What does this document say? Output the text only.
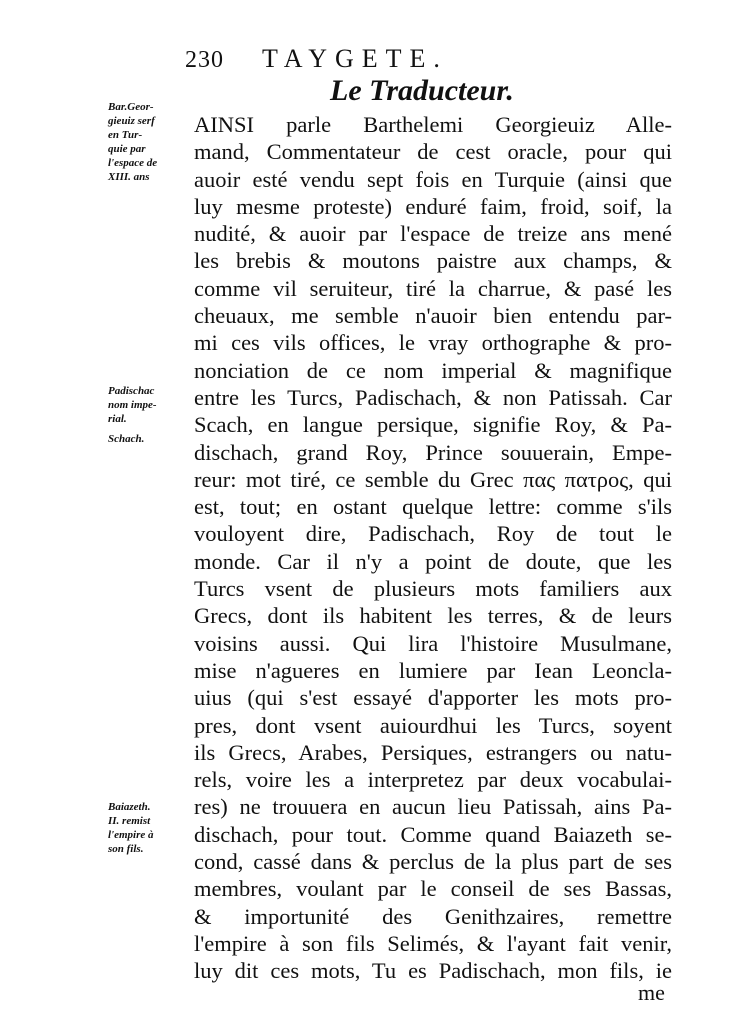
230 TAYGETE.
Le Traducteur.
Bar.Geor-
gieuiz serf
en Tur-
quie par
l'espace de
XIII. ans
Padischac
nom impe-
rial.
Schach.
Baiazeth.
II. remist
l'empire à
son fils.
AINSI parle Barthelemi Georgieuiz Alle-
mand, Commentateur de cest oracle, pour qui
auoir esté vendu sept fois en Turquie (ainsi que
luy mesme proteste) enduré faim, froid, soif, la
nudité, & auoir par l'espace de treize ans mené
les brebis & moutons paistre aux champs, &
comme vil seruiteur, tiré la charrue, & pasé les
cheuaux, me semble n'auoir bien entendu par-
mi ces vils offices, le vray orthographe & pro-
nonciation de ce nom imperial & magnifique
entre les Turcs, Padischach, & non Patissah. Car
Scach, en langue persique, signifie Roy, & Pa-
dischach, grand Roy, Prince souuerain, Empe-
reur: mot tiré, ce semble du Grec πας πατρος, qui
est, tout; en ostant quelque lettre: comme s'ils
vouloyent dire, Padischach, Roy de tout le
monde. Car il n'y a point de doute, que les
Turcs vsent de plusieurs mots familiers aux
Grecs, dont ils habitent les terres, & de leurs
voisins aussi. Qui lira l'histoire Musulmane,
mise n'agueres en lumiere par Iean Leoncla-
uius (qui s'est essayé d'apporter les mots pro-
pres, dont vsent auiourdhui les Turcs, soyent
ils Grecs, Arabes, Persiques, estrangers ou natu-
rels, voire les a interpretez par deux vocabulai-
res) ne trouuera en aucun lieu Patissah, ains Pa-
dischach, pour tout. Comme quand Baiazeth se-
cond, cassé dans & perclus de la plus part de ses
membres, voulant par le conseil de ses Bassas,
& importunité des Genithzaires, remettre
l'empire à son fils Selimés, & l'ayant fait venir,
luy dit ces mots, Tu es Padischach, mon fils, ie
me
